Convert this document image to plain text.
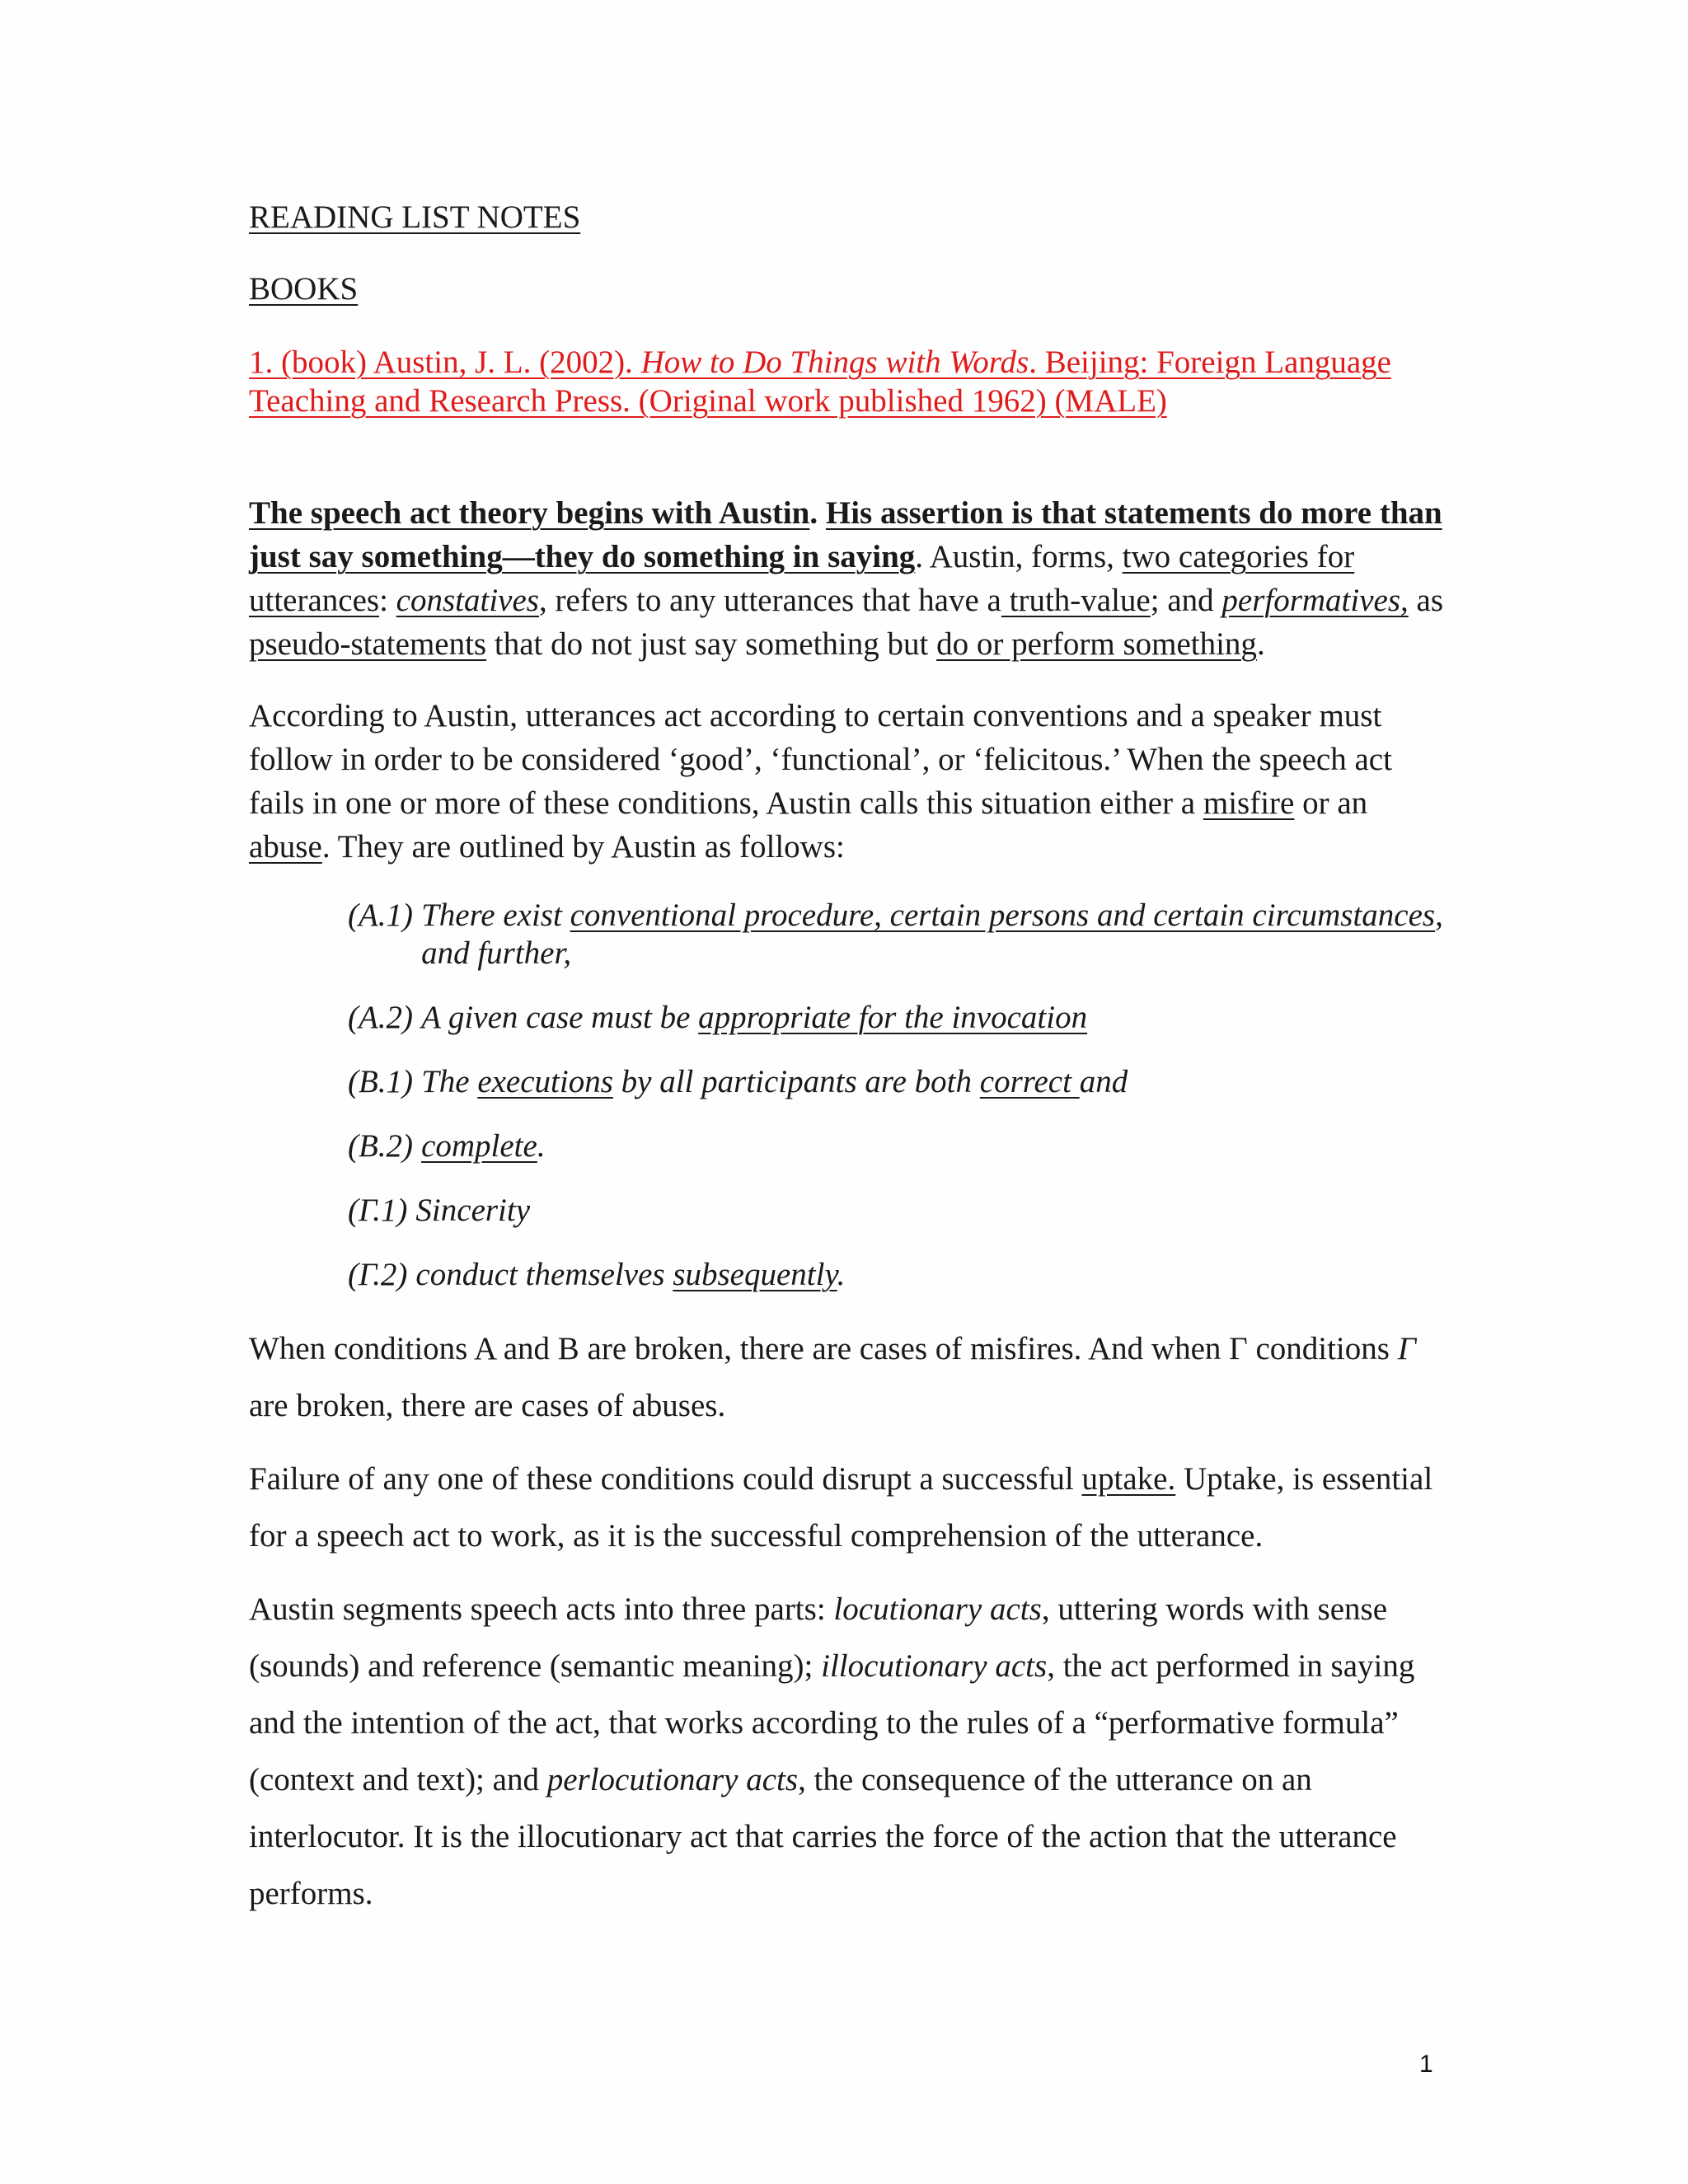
READING LIST NOTES

BOOKS

1. (book) Austin, J. L. (2002). How to Do Things with Words. Beijing: Foreign Language Teaching and Research Press. (Original work published 1962) (MALE)

The speech act theory begins with Austin. His assertion is that statements do more than just say something—they do something in saying. Austin, forms, two categories for utterances: constatives, refers to any utterances that have a truth-value; and performatives, as pseudo-statements that do not just say something but do or perform something.

According to Austin, utterances act according to certain conventions and a speaker must follow in order to be considered ‘good’, ‘functional’, or ‘felicitous.’ When the speech act fails in one or more of these conditions, Austin calls this situation either a misfire or an abuse. They are outlined by Austin as follows:

(A.1) There exist conventional procedure, certain persons and certain circumstances, and further,
(A.2) A given case must be appropriate for the invocation
(B.1) The executions by all participants are both correct and
(B.2) complete.
(Γ.1) Sincerity
(Γ.2) conduct themselves subsequently.

When conditions A and B are broken, there are cases of misfires. And when Γ conditions Γ are broken, there are cases of abuses.

Failure of any one of these conditions could disrupt a successful uptake. Uptake, is essential for a speech act to work, as it is the successful comprehension of the utterance.

Austin segments speech acts into three parts: locutionary acts, uttering words with sense (sounds) and reference (semantic meaning); illocutionary acts, the act performed in saying and the intention of the act, that works according to the rules of a “performative formula” (context and text); and perlocutionary acts, the consequence of the utterance on an interlocutor. It is the illocutionary act that carries the force of the action that the utterance performs.

1
